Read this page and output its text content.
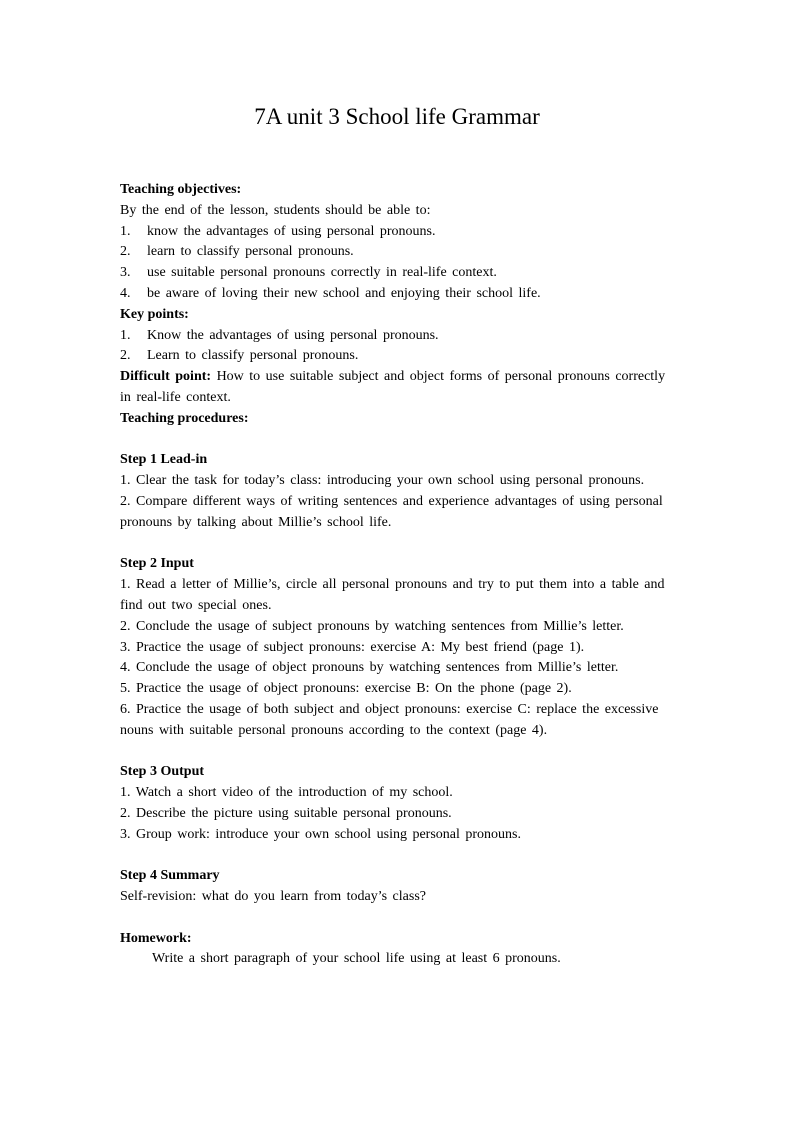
7A unit 3 School life Grammar

Teaching objectives:

By the end of the lesson, students should be able to:

1.	know the advantages of using personal pronouns.
2.	learn to classify personal pronouns.
3.	use suitable personal pronouns correctly in real-life context.
4.	be aware of loving their new school and enjoying their school life.

Key points:

1.	Know the advantages of using personal pronouns.
2.	Learn to classify personal pronouns.

Difficult point: How to use suitable subject and object forms of personal pronouns correctly in real-life context.

Teaching procedures:

Step 1 Lead-in

1. Clear the task for today’s class: introducing your own school using personal pronouns.

2. Compare different ways of writing sentences and experience advantages of using personal pronouns by talking about Millie’s school life.

Step 2 Input

1. Read a letter of Millie’s, circle all personal pronouns and try to put them into a table and find out two special ones.

2. Conclude the usage of subject pronouns by watching sentences from Millie’s letter.

3. Practice the usage of subject pronouns: exercise A: My best friend (page 1).

4. Conclude the usage of object pronouns by watching sentences from Millie’s letter.

5. Practice the usage of object pronouns: exercise B: On the phone (page 2).

6. Practice the usage of both subject and object pronouns: exercise C: replace the excessive nouns with suitable personal pronouns according to the context (page 4).

Step 3 Output

1. Watch a short video of the introduction of my school.

2. Describe the picture using suitable personal pronouns.

3. Group work: introduce your own school using personal pronouns.

Step 4 Summary

Self-revision: what do you learn from today’s class?

Homework:

Write a short paragraph of your school life using at least 6 pronouns.
